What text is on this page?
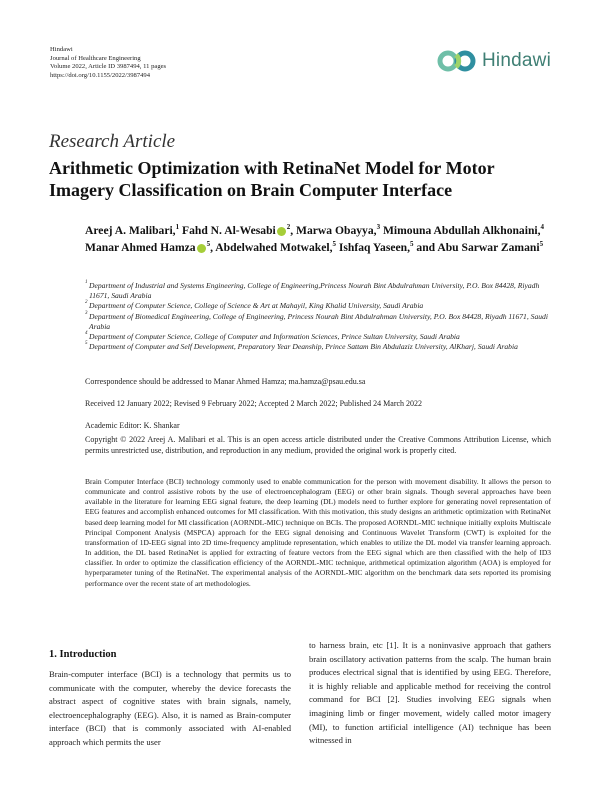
Hindawi
Journal of Healthcare Engineering
Volume 2022, Article ID 3987494, 11 pages
https://doi.org/10.1155/2022/3987494
Hindawi
Research Article
Arithmetic Optimization with RetinaNet Model for Motor Imagery Classification on Brain Computer Interface
Areej A. Malibari,$^1$ Fahd N. Al-Wesabi $^2$, Marwa Obayya,$^3$ Mimouna Abdullah Alkhonaini,$^4$ Manar Ahmed Hamza $^5$, Abdelwahed Motwakel,$^5$ Ishfaq Yaseen,$^5$ and Abu Sarwar Zamani$^5$
1 Department of Industrial and Systems Engineering, College of Engineering,Princess Nourah Bint Abdulrahman University, P.O. Box 84428, Riyadh 11671, Saudi Arabia
2 Department of Computer Science, College of Science & Art at Mahayil, King Khalid University, Saudi Arabia
3 Department of Biomedical Engineering, College of Engineering, Princess Nourah Bint Abdulrahman University, P.O. Box 84428, Riyadh 11671, Saudi Arabia
4 Department of Computer Science, College of Computer and Information Sciences, Prince Sultan University, Saudi Arabia
5 Department of Computer and Self Development, Preparatory Year Deanship, Prince Sattam Bin Abdulaziz University, AlKharj, Saudi Arabia
Correspondence should be addressed to Manar Ahmed Hamza; ma.hamza@psau.edu.sa
Received 12 January 2022; Revised 9 February 2022; Accepted 2 March 2022; Published 24 March 2022
Academic Editor: K. Shankar
Copyright © 2022 Areej A. Malibari et al. This is an open access article distributed under the Creative Commons Attribution License, which permits unrestricted use, distribution, and reproduction in any medium, provided the original work is properly cited.
Brain Computer Interface (BCI) technology commonly used to enable communication for the person with movement disability. It allows the person to communicate and control assistive robots by the use of electroencephalogram (EEG) or other brain signals. Though several approaches have been available in the literature for learning EEG signal feature, the deep learning (DL) models need to further explore for generating novel representation of EEG features and accomplish enhanced outcomes for MI classification. With this motivation, this study designs an arithmetic optimization with RetinaNet based deep learning model for MI classification (AORNDL-MIC) technique on BCIs. The proposed AORNDL-MIC technique initially exploits Multiscale Principal Component Analysis (MSPCA) approach for the EEG signal denoising and Continuous Wavelet Transform (CWT) is exploited for the transformation of 1D-EEG signal into 2D time-frequency amplitude representation, which enables to utilize the DL model via transfer learning approach. In addition, the DL based RetinaNet is applied for extracting of feature vectors from the EEG signal which are then classified with the help of ID3 classifier. In order to optimize the classification efficiency of the AORNDL-MIC technique, arithmetical optimization algorithm (AOA) is employed for hyperparameter tuning of the RetinaNet. The experimental analysis of the AORNDL-MIC algorithm on the benchmark data sets reported its promising performance over the recent state of art methodologies.
1. Introduction
Brain-computer interface (BCI) is a technology that permits us to communicate with the computer, whereby the device forecasts the abstract aspect of cognitive states with brain signals, namely, electroencephalography (EEG). Also, it is named as Brain-computer interface (BCI) that is commonly associated with AI-enabled approach which permits the user
to harness brain, etc [1]. It is a noninvasive approach that gathers brain oscillatory activation patterns from the scalp. The human brain produces electrical signal that is identified by using EEG. Therefore, it is highly reliable and applicable method for receiving the control command for BCI [2]. Studies involving EEG signals when imagining limb or finger movement, widely called motor imagery (MI), to function artificial intelligence (AI) technique has been witnessed in
